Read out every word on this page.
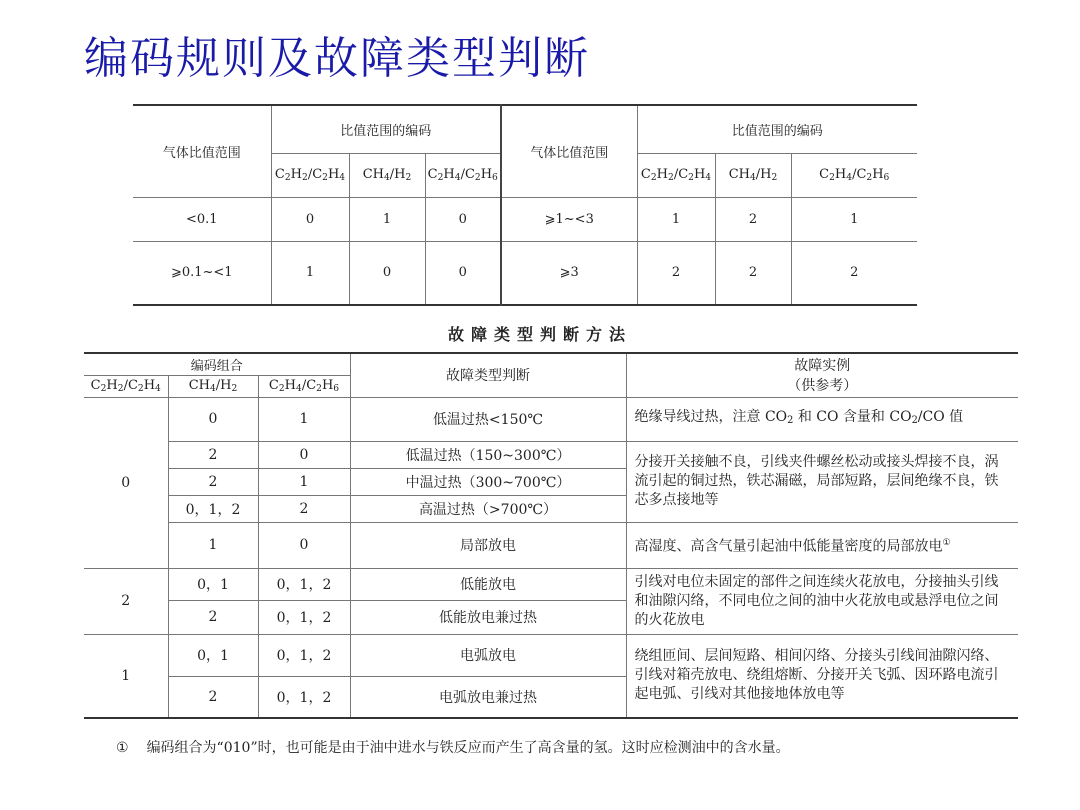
编码规则及故障类型判断
气体比值范围	比值范围的编码			气体比值范围	比值范围的编码		
	$C_2H_2/C_2H_4$	$CH_4/H_2$	$C_2H_4/C_2H_6$		$C_2H_2/C_2H_4$	$CH_4/H_2$	$C_2H_4/C_2H_6$
<0.1	0	1	0	⩾1~<3	1	2	1
⩾0.1~<1	1	0	0	⩾3	2	2	2
故障类型判断方法
编码组合			故障类型判断	故障实例
（供参考）

$C_2H_2/C_2H_4$	$CH_4/H_2$	$C_2H_4/C_2H_6$
0	0	1	低温过热<150℃	绝缘导线过热，注意 CO2 和 CO 含量和 CO2/CO 值
	2	0	低温过热（150~300℃）	分接开关接触不良，引线夹件螺丝松动或接头焊接不良，涡流引起的铜过热，铁芯漏磁，局部短路，层间绝缘不良，铁芯多点接地等
	2	1	中温过热（300~700℃）	
	0，1，2	2	高温过热（>700℃）	
	1	0	局部放电	高湿度、高含气量引起油中低能量密度的局部放电①
2	0，1	0，1，2	低能放电	引线对电位未固定的部件之间连续火花放电，分接抽头引线和油隙闪络，不同电位之间的油中火花放电或悬浮电位之间的火花放电
	2	0，1，2	低能放电兼过热	
1	0，1	0，1，2	电弧放电	绕组匝间、层间短路、相间闪络、分接头引线间油隙闪络、引线对箱壳放电、绕组熔断、分接开关飞弧、因环路电流引起电弧、引线对其他接地体放电等
	2	0，1，2	电弧放电兼过热	
① 编码组合为“010”时，也可能是由于油中进水与铁反应而产生了高含量的氢。这时应检测油中的含水量。
